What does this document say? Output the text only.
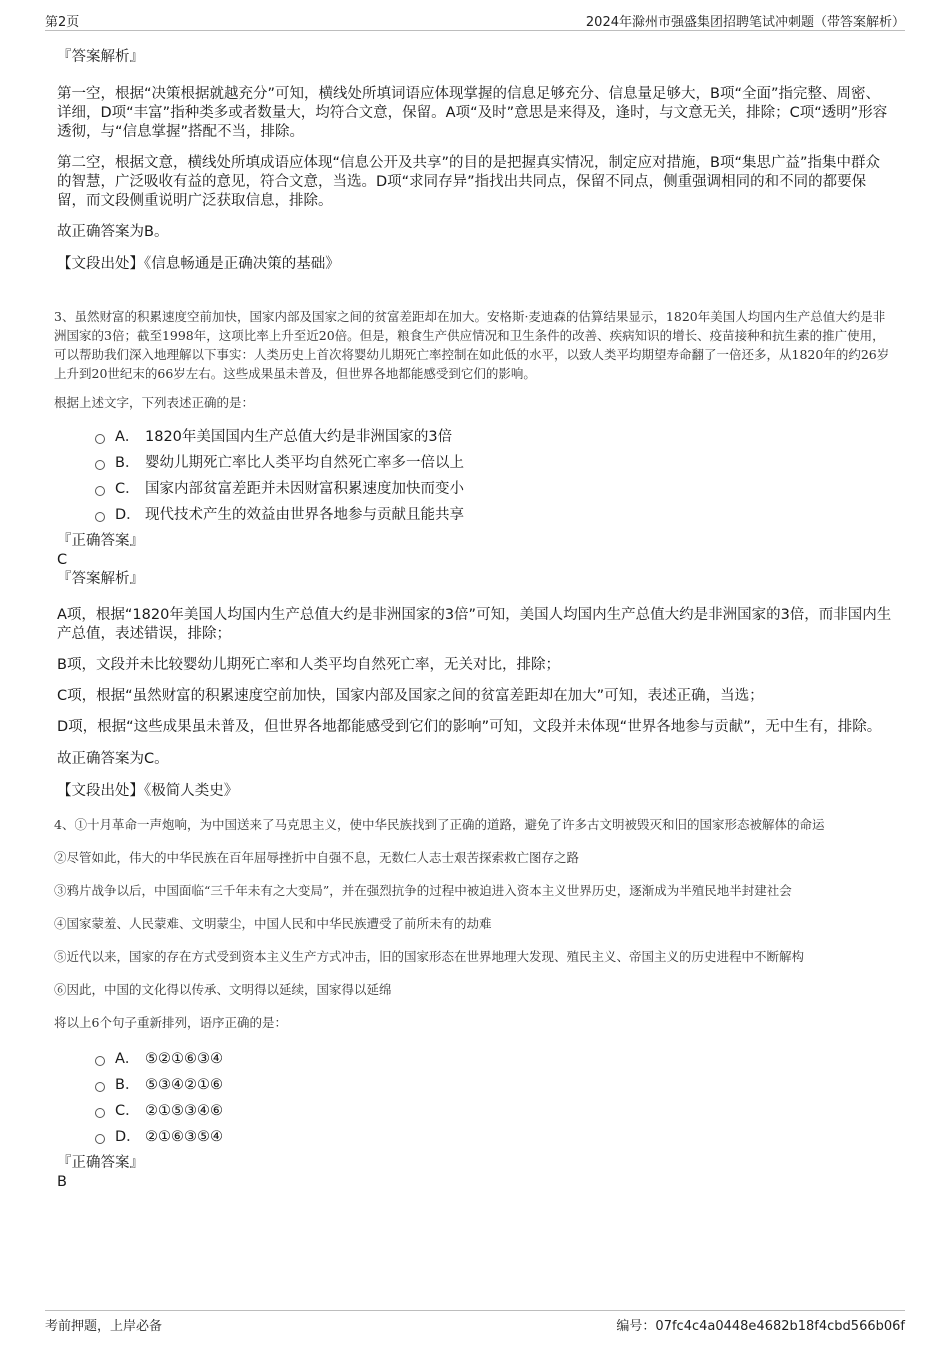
第2页	2024年滁州市强盛集团招聘笔试冲刺题（带答案解析）

『答案解析』

第一空，根据“决策根据就越充分”可知，横线处所填词语应体现掌握的信息足够充分、信息量足够大，B项“全面”指完整、周密、详细，D项“丰富”指种类多或者数量大，均符合文意，保留。A项“及时”意思是来得及，逢时，与文意无关，排除；C项“透明”形容透彻，与“信息掌握”搭配不当，排除。

第二空，根据文意，横线处所填成语应体现“信息公开及共享”的目的是把握真实情况，制定应对措施，B项“集思广益”指集中群众的智慧，广泛吸收有益的意见，符合文意，当选。D项“求同存异”指找出共同点，保留不同点，侧重强调相同的和不同的都要保留，而文段侧重说明广泛获取信息，排除。

故正确答案为B。

【文段出处】《信息畅通是正确决策的基础》

3、虽然财富的积累速度空前加快，国家内部及国家之间的贫富差距却在加大。安格斯·麦迪森的估算结果显示，1820年美国人均国内生产总值大约是非洲国家的3倍；截至1998年，这项比率上升至近20倍。但是，粮食生产供应情况和卫生条件的改善、疾病知识的增长、疫苗接种和抗生素的推广使用，可以帮助我们深入地理解以下事实：人类历史上首次将婴幼儿期死亡率控制在如此低的水平，以致人类平均期望寿命翻了一倍还多，从1820年的约26岁上升到20世纪末的66岁左右。这些成果虽未普及，但世界各地都能感受到它们的影响。

根据上述文字，下列表述正确的是：

A． 1820年美国国内生产总值大约是非洲国家的3倍
B． 婴幼儿期死亡率比人类平均自然死亡率多一倍以上
C． 国家内部贫富差距并未因财富积累速度加快而变小
D． 现代技术产生的效益由世界各地参与贡献且能共享

『正确答案』

C

『答案解析』

A项，根据“1820年美国人均国内生产总值大约是非洲国家的3倍”可知，美国人均国内生产总值大约是非洲国家的3倍，而非国内生产总值，表述错误，排除；

B项，文段并未比较婴幼儿期死亡率和人类平均自然死亡率，无关对比，排除；

C项，根据“虽然财富的积累速度空前加快，国家内部及国家之间的贫富差距却在加大”可知，表述正确，当选；

D项，根据“这些成果虽未普及，但世界各地都能感受到它们的影响”可知，文段并未体现“世界各地参与贡献”，无中生有，排除。

故正确答案为C。

【文段出处】《极简人类史》

4、①十月革命一声炮响，为中国送来了马克思主义，使中华民族找到了正确的道路，避免了许多古文明被毁灭和旧的国家形态被解体的命运

②尽管如此，伟大的中华民族在百年屈辱挫折中自强不息，无数仁人志士艰苦探索救亡图存之路

③鸦片战争以后，中国面临“三千年未有之大变局”，并在强烈抗争的过程中被迫进入资本主义世界历史，逐渐成为半殖民地半封建社会

④国家蒙羞、人民蒙难、文明蒙尘，中国人民和中华民族遭受了前所未有的劫难

⑤近代以来，国家的存在方式受到资本主义生产方式冲击，旧的国家形态在世界地理大发现、殖民主义、帝国主义的历史进程中不断解构

⑥因此，中国的文化得以传承、文明得以延续，国家得以延绵

将以上6个句子重新排列，语序正确的是：

A． ⑤②①⑥③④
B． ⑤③④②①⑥
C． ②①⑤③④⑥
D． ②①⑥③⑤④

『正确答案』

B

考前押题，上岸必备	编号：07fc4c4a0448e4682b18f4cbd566b06f
